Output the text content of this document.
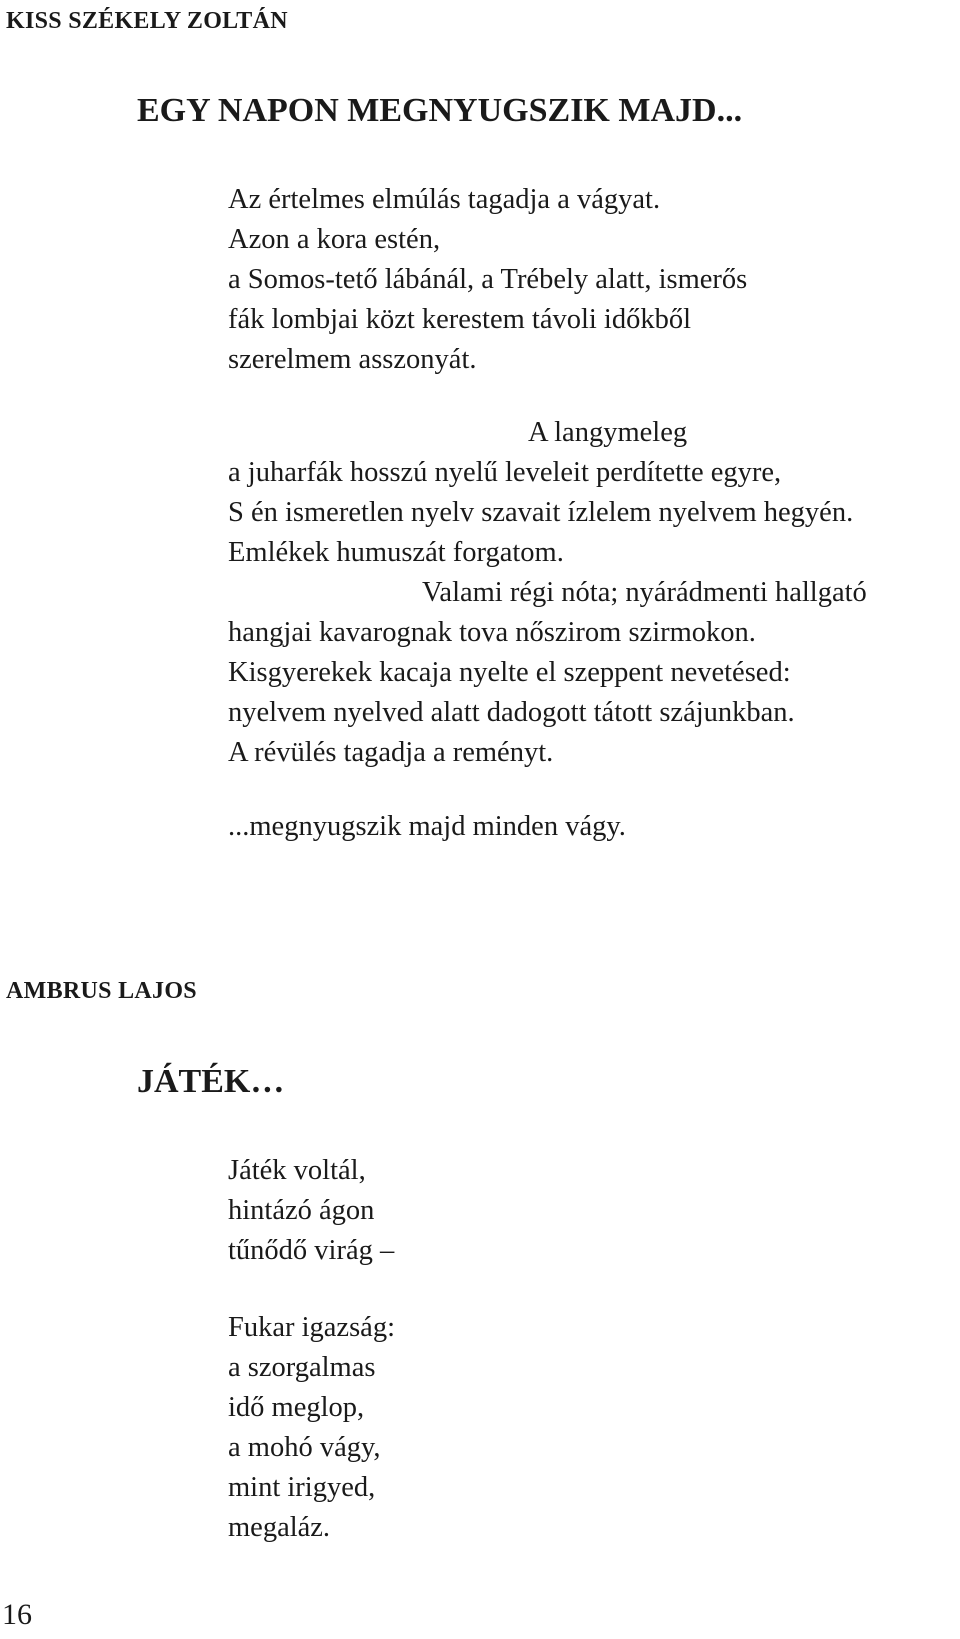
KISS SZÉKELY ZOLTÁN
EGY NAPON MEGNYUGSZIK MAJD...

Az értelmes elmúlás tagadja a vágyat.

Azon a kora estén,

a Somos-tető lábánál, a Trébely alatt, ismerős

fák lombjai közt kerestem távoli időkből

szerelmem asszonyát.

A langymeleg

a juharfák hosszú nyelű leveleit perdítette egyre,

S én ismeretlen nyelv szavait ízlelem nyelvem hegyén.

Emlékek humuszát forgatom.

Valami régi nóta; nyárádmenti hallgató

hangjai kavarognak tova nőszirom szirmokon.

Kisgyerekek kacaja nyelte el szeppent nevetésed:

nyelvem nyelved alatt dadogott tátott szájunkban.

A révülés tagadja a reményt.

...megnyugszik majd minden vágy.

AMBRUS LAJOS
JÁTÉK…

Játék voltál,

hintázó ágon

tűnődő virág –

Fukar igazság:

a szorgalmas

idő meglop,

a mohó vágy,

mint irigyed,

megaláz.

16
